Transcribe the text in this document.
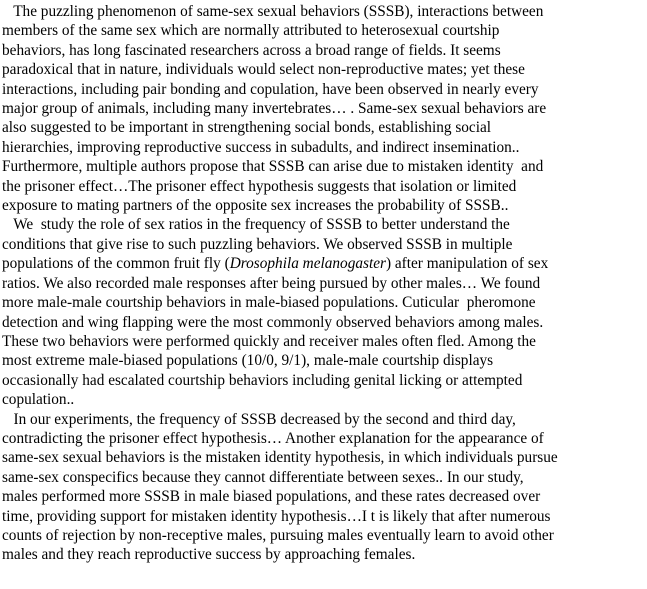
The puzzling phenomenon of same-sex sexual behaviors (SSSB), interactions between
members of the same sex which are normally attributed to heterosexual courtship
behaviors, has long fascinated researchers across a broad range of fields. It seems
paradoxical that in nature, individuals would select non-reproductive mates; yet these
interactions, including pair bonding and copulation, have been observed in nearly every
major group of animals, including many invertebrates… . Same-sex sexual behaviors are
also suggested to be important in strengthening social bonds, establishing social
hierarchies, improving reproductive success in subadults, and indirect insemination..
Furthermore, multiple authors propose that SSSB can arise due to mistaken identity  and
the prisoner effect…The prisoner effect hypothesis suggests that isolation or limited
exposure to mating partners of the opposite sex increases the probability of SSSB..

We  study the role of sex ratios in the frequency of SSSB to better understand the
conditions that give rise to such puzzling behaviors. We observed SSSB in multiple
populations of the common fruit fly (Drosophila melanogaster) after manipulation of sex
ratios. We also recorded male responses after being pursued by other males… We found
more male-male courtship behaviors in male-biased populations. Cuticular  pheromone
detection and wing flapping were the most commonly observed behaviors among males.
These two behaviors were performed quickly and receiver males often fled. Among the
most extreme male-biased populations (10/0, 9/1), male-male courtship displays
occasionally had escalated courtship behaviors including genital licking or attempted
copulation..

In our experiments, the frequency of SSSB decreased by the second and third day,
contradicting the prisoner effect hypothesis… Another explanation for the appearance of
same-sex sexual behaviors is the mistaken identity hypothesis, in which individuals pursue
same-sex conspecifics because they cannot differentiate between sexes.. In our study,
males performed more SSSB in male biased populations, and these rates decreased over
time, providing support for mistaken identity hypothesis…I t is likely that after numerous
counts of rejection by non-receptive males, pursuing males eventually learn to avoid other
males and they reach reproductive success by approaching females.
